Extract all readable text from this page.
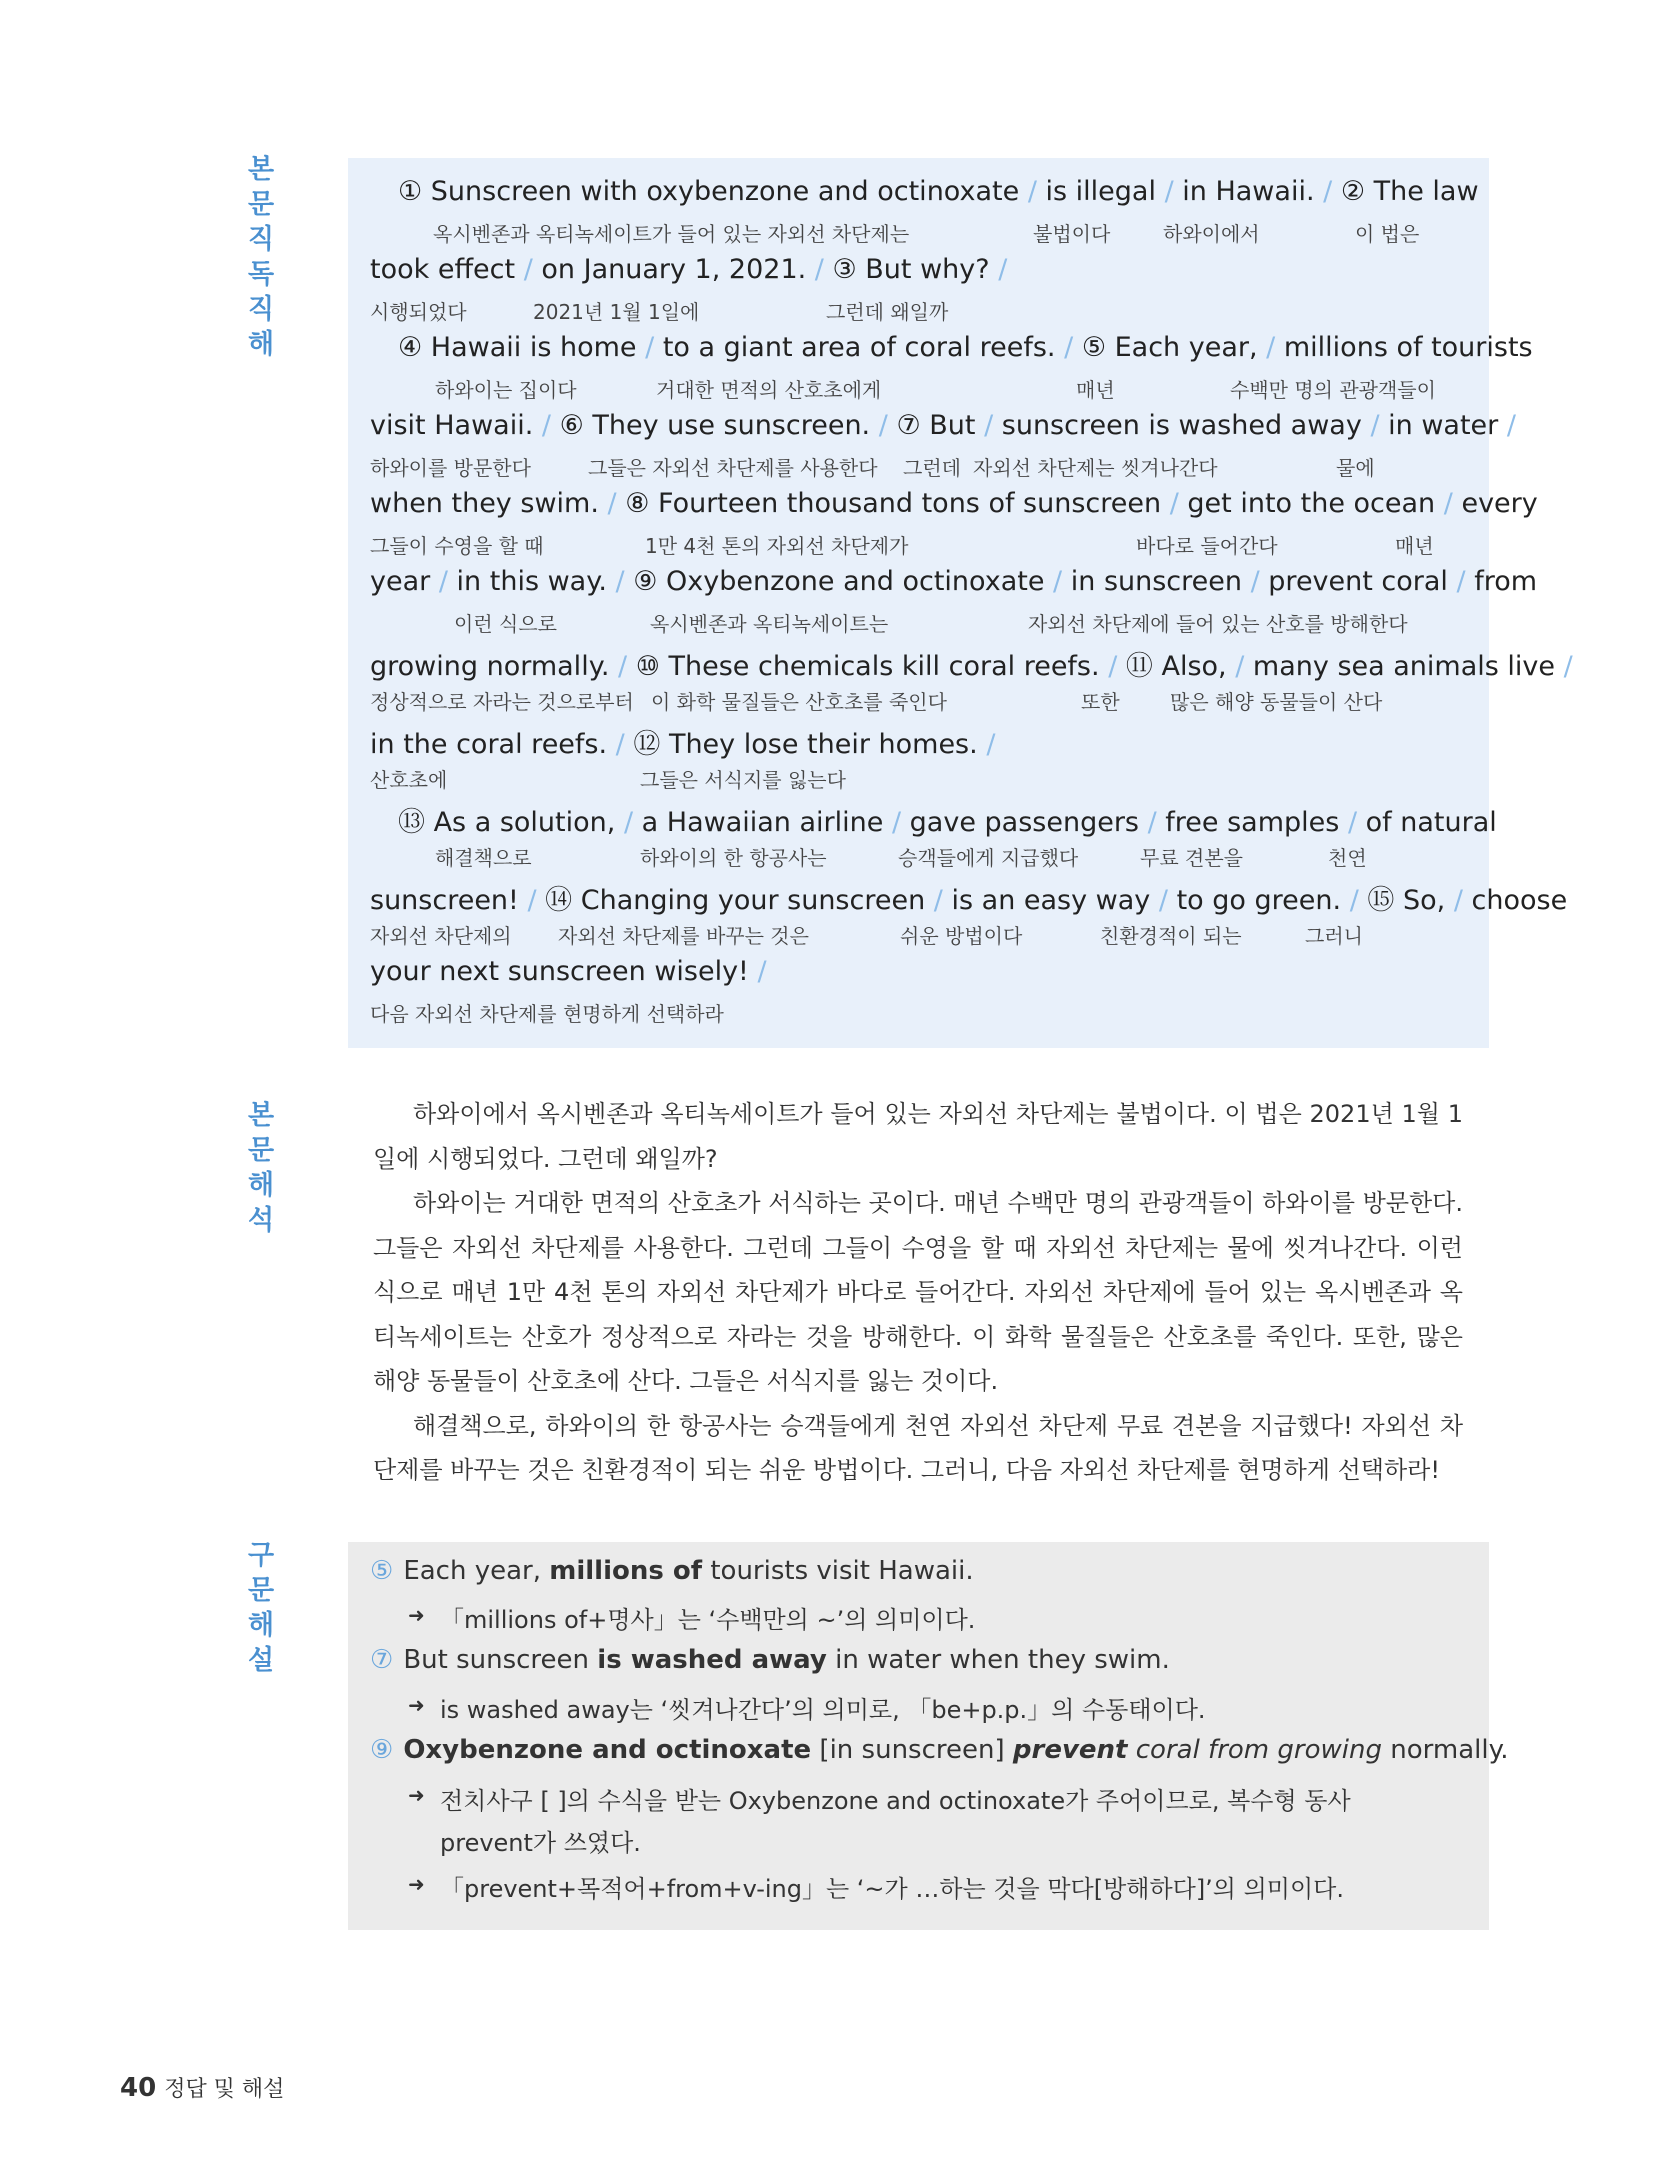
본문
직독
직해
본문
해석
구문
해설
① Sunscreen with oxybenzone and octinoxate / is illegal / in Hawaii. / ② The law
옥시벤존과 옥티녹세이트가 들어 있는 자외선 차단제는	불법이다	하와이에서	이 법은
took effect / on January 1, 2021. / ③ But why? /
시행되었다	2021년 1월 1일에	그런데 왜일까
④ Hawaii is home / to a giant area of coral reefs. / ⑤ Each year, / millions of tourists
하와이는 집이다	거대한 면적의 산호초에게	매년	수백만 명의 관광객들이
visit Hawaii. / ⑥ They use sunscreen. / ⑦ But / sunscreen is washed away / in water /
하와이를 방문한다	그들은 자외선 차단제를 사용한다 그런데 자외선 차단제는 씻겨나간다	물에
when they swim. / ⑧ Fourteen thousand tons of sunscreen / get into the ocean / every
그들이 수영을 할 때	1만 4천 톤의 자외선 차단제가	바다로 들어간다	매년
year / in this way. / ⑨ Oxybenzone and octinoxate / in sunscreen / prevent coral / from
이런 식으로	옥시벤존과 옥티녹세이트는	자외선 차단제에 들어 있는 산호를 방해한다
growing normally. / ⑩ These chemicals kill coral reefs. / ⑪ Also, / many sea animals live /
정상적으로 자라는 것으로부터 이 화학 물질들은 산호초를 죽인다	또한	많은 해양 동물들이 산다
in the coral reefs. / ⑫ They lose their homes. /
산호초에	그들은 서식지를 잃는다
⑬ As a solution, / a Hawaiian airline / gave passengers / free samples / of natural
해결책으로	하와이의 한 항공사는	승객들에게 지급했다	무료 견본을	천연
sunscreen! / ⑭ Changing your sunscreen / is an easy way / to go green. / ⑮ So, / choose
자외선 차단제의 자외선 차단제를 바꾸는 것은	쉬운 방법이다	친환경적이 되는	그러니
your next sunscreen wisely! /
다음 자외선 차단제를 현명하게 선택하라

하와이에서 옥시벤존과 옥티녹세이트가 들어 있는 자외선 차단제는 불법이다. 이 법은 2021년 1월 1일에 시행되었다. 그런데 왜일까?

하와이는 거대한 면적의 산호초가 서식하는 곳이다. 매년 수백만 명의 관광객들이 하와이를 방문한다. 그들은 자외선 차단제를 사용한다. 그런데 그들이 수영을 할 때 자외선 차단제는 물에 씻겨나간다. 이런 식으로 매년 1만 4천 톤의 자외선 차단제가 바다로 들어간다. 자외선 차단제에 들어 있는 옥시벤존과 옥티녹세이트는 산호가 정상적으로 자라는 것을 방해한다. 이 화학 물질들은 산호초를 죽인다. 또한, 많은 해양 동물들이 산호초에 산다. 그들은 서식지를 잃는 것이다.

해결책으로, 하와이의 한 항공사는 승객들에게 천연 자외선 차단제 무료 견본을 지급했다! 자외선 차단제를 바꾸는 것은 친환경적이 되는 쉬운 방법이다. 그러니, 다음 자외선 차단제를 현명하게 선택하라!

⑤ Each year, millions of tourists visit Hawaii.
➜ 「millions of+명사」는 ‘수백만의 ~’의 의미이다.
⑦ But sunscreen is washed away in water when they swim.
➜ is washed away는 ‘씻겨나간다’의 의미로, 「be+p.p.」의 수동태이다.
⑨ Oxybenzone and octinoxate [in sunscreen] prevent coral from growing normally.
➜ 전치사구 [ ]의 수식을 받는 Oxybenzone and octinoxate가 주어이므로, 복수형 동사 prevent가 쓰였다.
➜ 「prevent+목적어+from+v-ing」는 ‘~가 …하는 것을 막다[방해하다]’의 의미이다.
40 정답 및 해설
